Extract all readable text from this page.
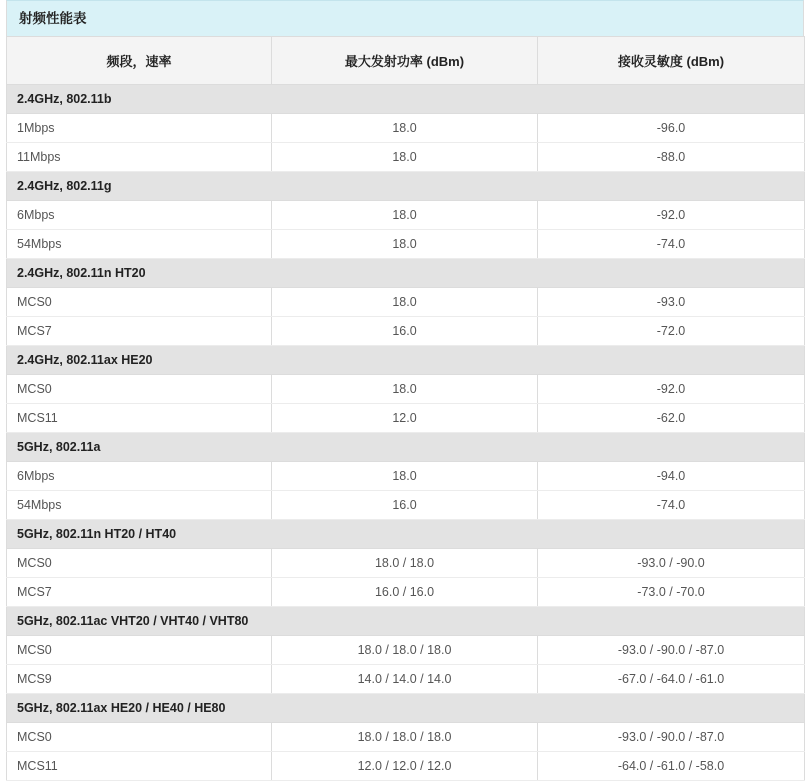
射频性能表
频段，速率	最大发射功率 (dBm)	接收灵敏度 (dBm)
2.4GHz, 802.11b		
1Mbps	18.0	-96.0
11Mbps	18.0	-88.0
2.4GHz, 802.11g		
6Mbps	18.0	-92.0
54Mbps	18.0	-74.0
2.4GHz, 802.11n HT20		
MCS0	18.0	-93.0
MCS7	16.0	-72.0
2.4GHz, 802.11ax HE20		
MCS0	18.0	-92.0
MCS11	12.0	-62.0
5GHz, 802.11a		
6Mbps	18.0	-94.0
54Mbps	16.0	-74.0
5GHz, 802.11n HT20 / HT40		
MCS0	18.0 / 18.0	-93.0 / -90.0
MCS7	16.0 / 16.0	-73.0 / -70.0
5GHz, 802.11ac VHT20 / VHT40 / VHT80		
MCS0	18.0 / 18.0 / 18.0	-93.0 / -90.0 / -87.0
MCS9	14.0 / 14.0 / 14.0	-67.0 / -64.0 / -61.0
5GHz, 802.11ax HE20 / HE40 / HE80		
MCS0	18.0 / 18.0 / 18.0	-93.0 / -90.0 / -87.0
MCS11	12.0 / 12.0 / 12.0	-64.0 / -61.0 / -58.0
